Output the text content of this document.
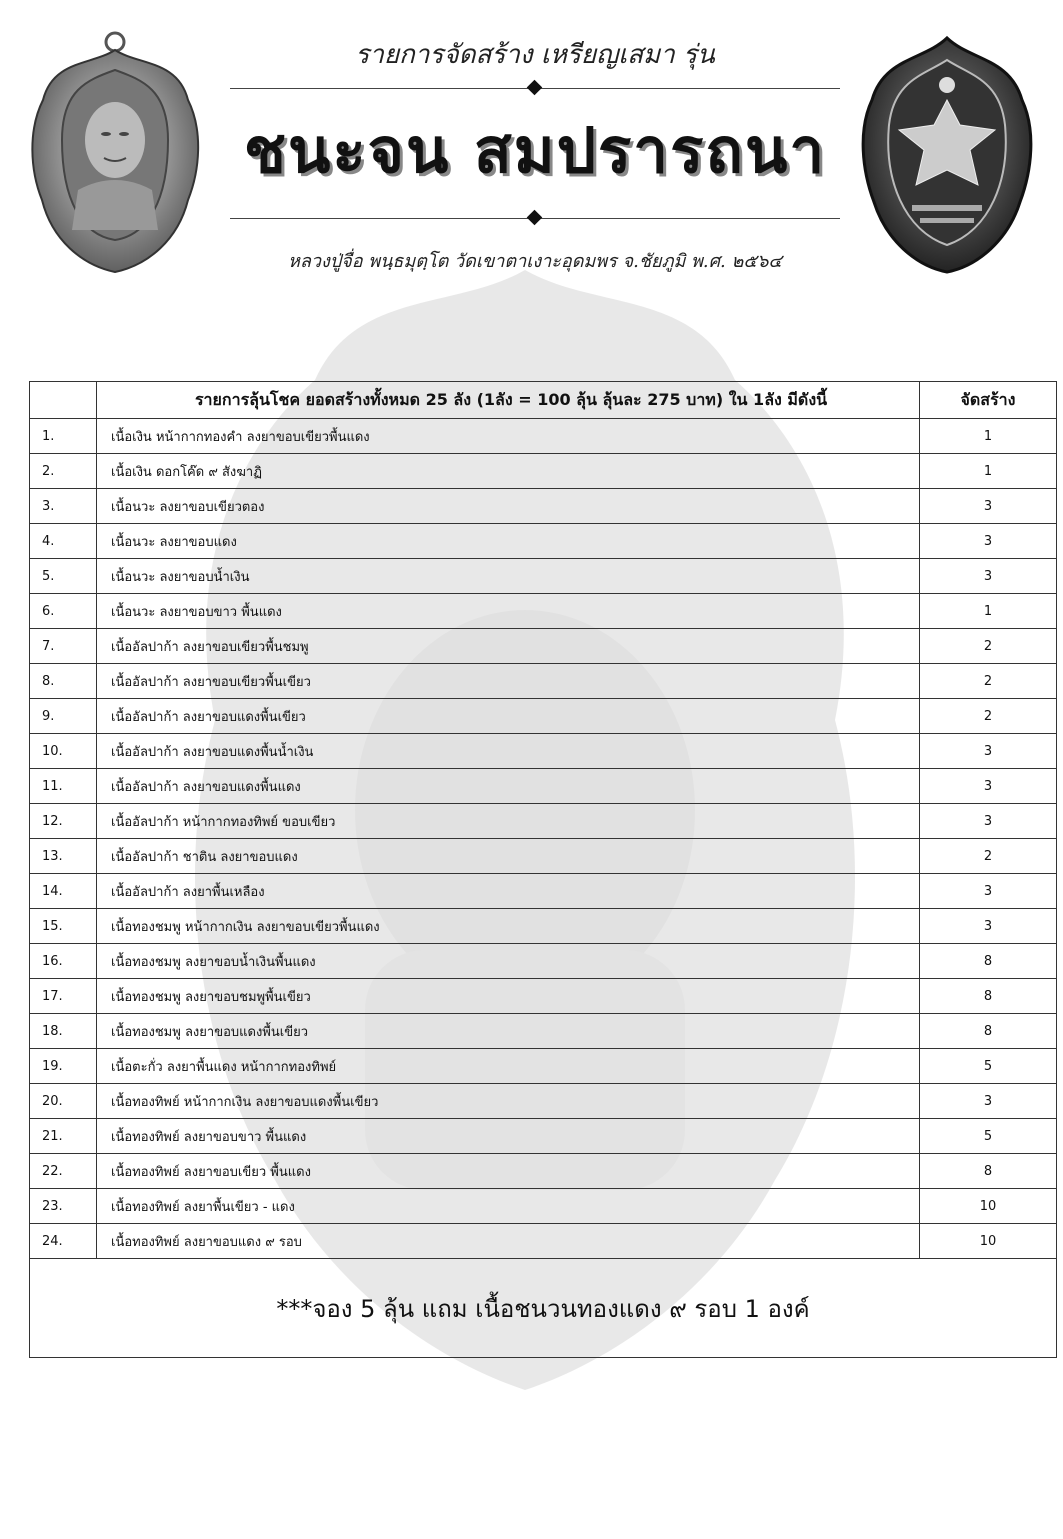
รายการจัดสร้าง เหรียญเสมา รุ่น
ชนะจน สมปรารถนา
หลวงปู่จื่อ พนฺธมุตฺโต วัดเขาตาเงาะอุดมพร จ.ชัยภูมิ พ.ศ. ๒๕๖๔
	รายการลุ้นโชค ยอดสร้างทั้งหมด 25 ลัง (1ลัง = 100 ลุ้น ลุ้นละ 275 บาท) ใน 1ลัง มีดังนี้	จัดสร้าง
1.	เนื้อเงิน หน้ากากทองคำ ลงยาขอบเขียวพื้นแดง	1
2.	เนื้อเงิน ดอกโค๊ด ๙ สังฆาฏิ	1
3.	เนื้อนวะ ลงยาขอบเขียวตอง	3
4.	เนื้อนวะ ลงยาขอบแดง	3
5.	เนื้อนวะ ลงยาขอบน้ำเงิน	3
6.	เนื้อนวะ ลงยาขอบขาว พื้นแดง	1
7.	เนื้ออัลปาก้า ลงยาขอบเขียวพื้นชมพู	2
8.	เนื้ออัลปาก้า ลงยาขอบเขียวพื้นเขียว	2
9.	เนื้ออัลปาก้า ลงยาขอบแดงพื้นเขียว	2
10.	เนื้ออัลปาก้า ลงยาขอบแดงพื้นน้ำเงิน	3
11.	เนื้ออัลปาก้า ลงยาขอบแดงพื้นแดง	3
12.	เนื้ออัลปาก้า หน้ากากทองทิพย์ ขอบเขียว	3
13.	เนื้ออัลปาก้า ชาติน ลงยาขอบแดง	2
14.	เนื้ออัลปาก้า ลงยาพื้นเหลือง	3
15.	เนื้อทองชมพู หน้ากากเงิน ลงยาขอบเขียวพื้นแดง	3
16.	เนื้อทองชมพู ลงยาขอบน้ำเงินพื้นแดง	8
17.	เนื้อทองชมพู ลงยาขอบชมพูพื้นเขียว	8
18.	เนื้อทองชมพู ลงยาขอบแดงพื้นเขียว	8
19.	เนื้อตะกั่ว ลงยาพื้นแดง หน้ากากทองทิพย์	5
20.	เนื้อทองทิพย์ หน้ากากเงิน ลงยาขอบแดงพื้นเขียว	3
21.	เนื้อทองทิพย์ ลงยาขอบขาว พื้นแดง	5
22.	เนื้อทองทิพย์ ลงยาขอบเขียว พื้นแดง	8
23.	เนื้อทองทิพย์ ลงยาพื้นเขียว - แดง	10
24.	เนื้อทองทิพย์ ลงยาขอบแดง ๙ รอบ	10
***จอง 5 ลุ้น แถม เนื้อชนวนทองแดง ๙ รอบ 1 องค์		
